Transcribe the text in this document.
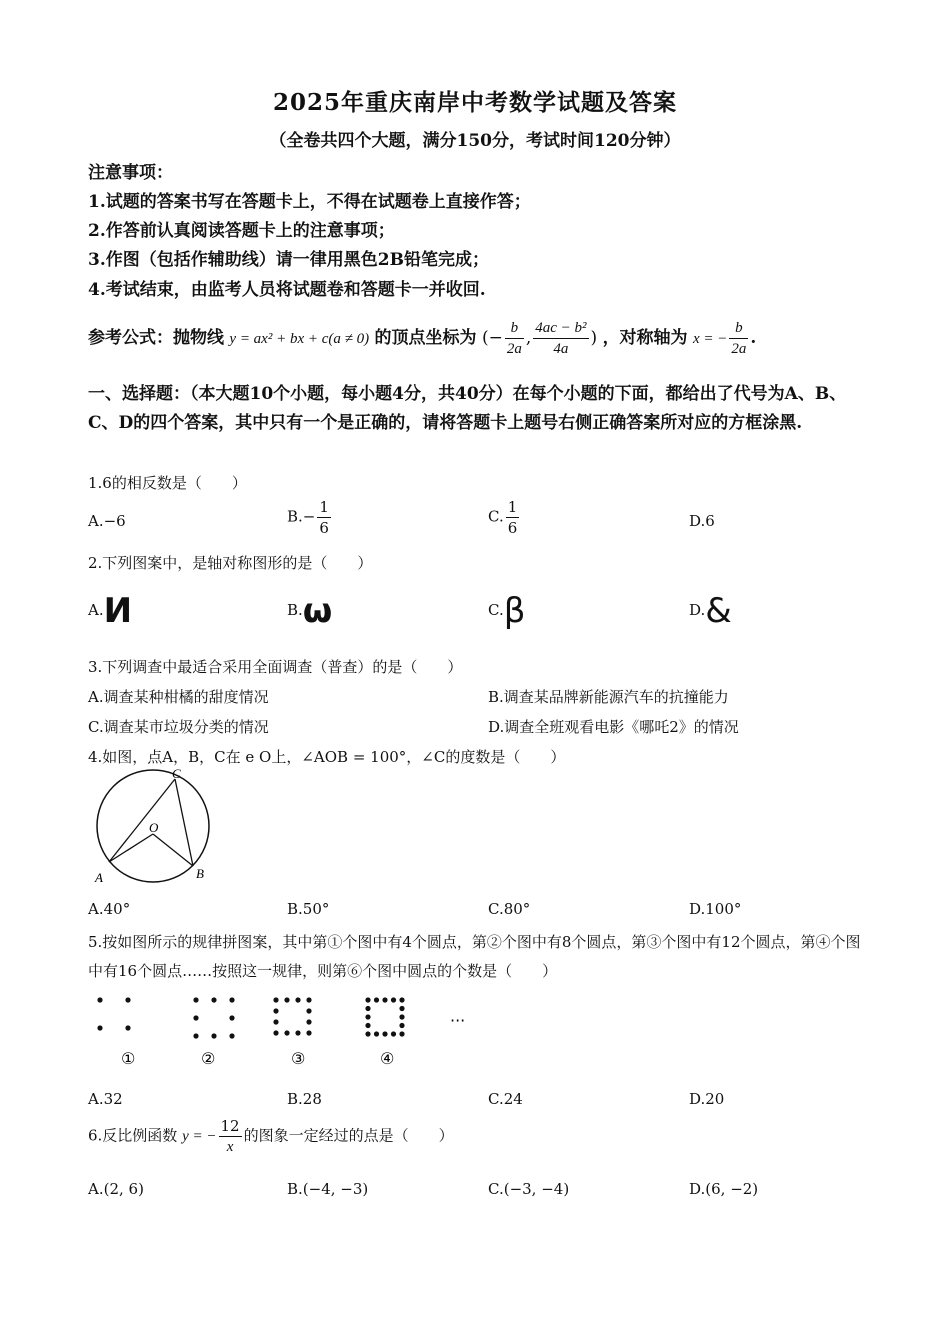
2025年重庆南岸中考数学试题及答案
（全卷共四个大题，满分150分，考试时间120分钟）
注意事项：
1.试题的答案书写在答题卡上，不得在试题卷上直接作答；
2.作答前认真阅读答题卡上的注意事项；
3.作图（包括作辅助线）请一律用黑色2B铅笔完成；
4.考试结束，由监考人员将试题卷和答题卡一并收回.
参考公式：抛物线 y = ax² + bx + c(a ≠ 0) 的顶点坐标为 (− $\frac{b}{2a}$ , $\frac{\text{4ac − b²}}{4a}$ ) ，对称轴为 x = − $\frac{b}{2a}$ .
一、选择题：（本大题10个小题，每小题4分，共40分）在每个小题的下面，都给出了代号为A、B、C、D的四个答案，其中只有一个是正确的，请将答题卡上题号右侧正确答案所对应的方框涂黑.
1.6的相反数是（　　）
A.−6	$B.- \frac{1}{6}$	C. $\frac{1}{6}$	D.6
2.下列图案中，是轴对称图形的是（　　）
A.И	B.ω	C.β	D.&
3.下列调查中最适合采用全面调查（普查）的是（　　）
A.调查某种柑橘的甜度情况	B.调查某品牌新能源汽车的抗撞能力
C.调查某市垃圾分类的情况	D.调查全班观看电影《哪吒2》的情况
4.如图，点A，B，C在 e O上，∠AOB = 100°，∠C的度数是（　　）
A	B
C
O
A.40°	B.50°	C.80°	D.100°
5.按如图所示的规律拼图案，其中第①个图中有4个圆点，第②个图中有8个圆点，第③个图中有12个圆点，第④个图中有16个圆点……按照这一规律，则第⑥个图中圆点的个数是（　　）
①	②	③	④
···
A.32	B.28	C.24	D.20
6.反比例函数 y = − $\frac{12}{x}$ 的图象一定经过的点是（　　）
A.(2, 6)	B.(−4, −3)	C.(−3, −4)	D.(6, −2)
